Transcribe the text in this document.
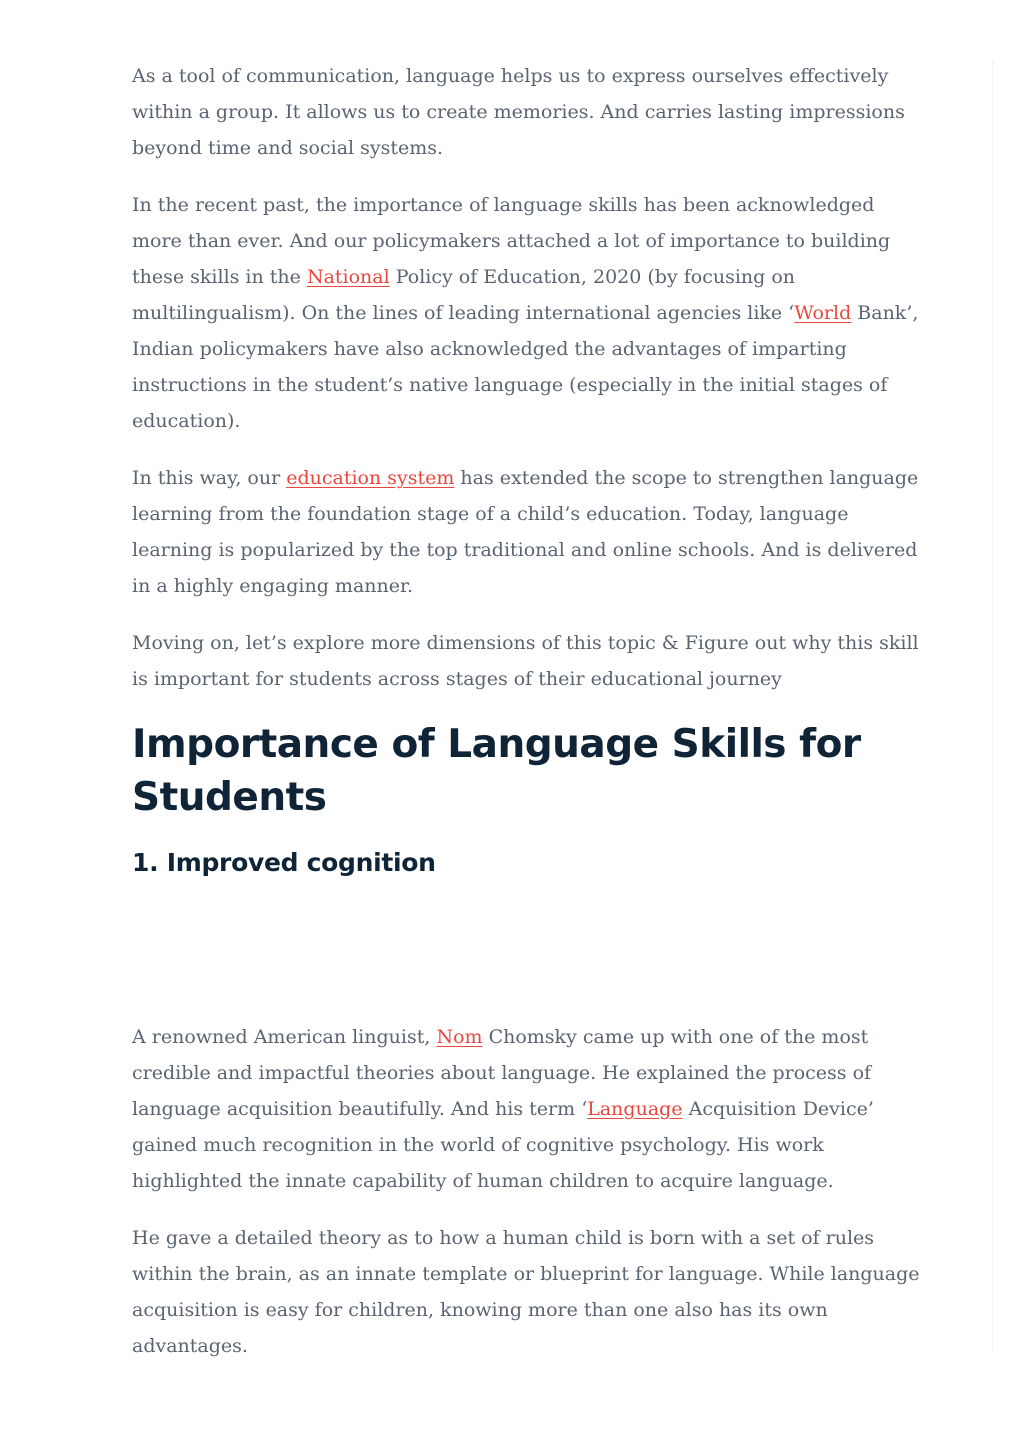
As a tool of communication, language helps us to express ourselves effectively within a group. It allows us to create memories. And carries lasting impressions beyond time and social systems.

In the recent past, the importance of language skills has been acknowledged more than ever. And our policymakers attached a lot of importance to building these skills in the National Policy of Education, 2020 (by focusing on multilingualism). On the lines of leading international agencies like ‘World Bank’, Indian policymakers have also acknowledged the advantages of imparting instructions in the student’s native language (especially in the initial stages of education).

In this way, our education system has extended the scope to strengthen language learning from the foundation stage of a child’s education. Today, language learning is popularized by the top traditional and online schools. And is delivered in a highly engaging manner.

Moving on, let’s explore more dimensions of this topic & Figure out why this skill is important for students across stages of their educational journey

Importance of Language Skills for Students
1. Improved cognition

A renowned American linguist, Nom Chomsky came up with one of the most credible and impactful theories about language. He explained the process of language acquisition beautifully. And his term ‘Language Acquisition Device’ gained much recognition in the world of cognitive psychology. His work highlighted the innate capability of human children to acquire language.

He gave a detailed theory as to how a human child is born with a set of rules within the brain, as an innate template or blueprint for language. While language acquisition is easy for children, knowing more than one also has its own advantages.
